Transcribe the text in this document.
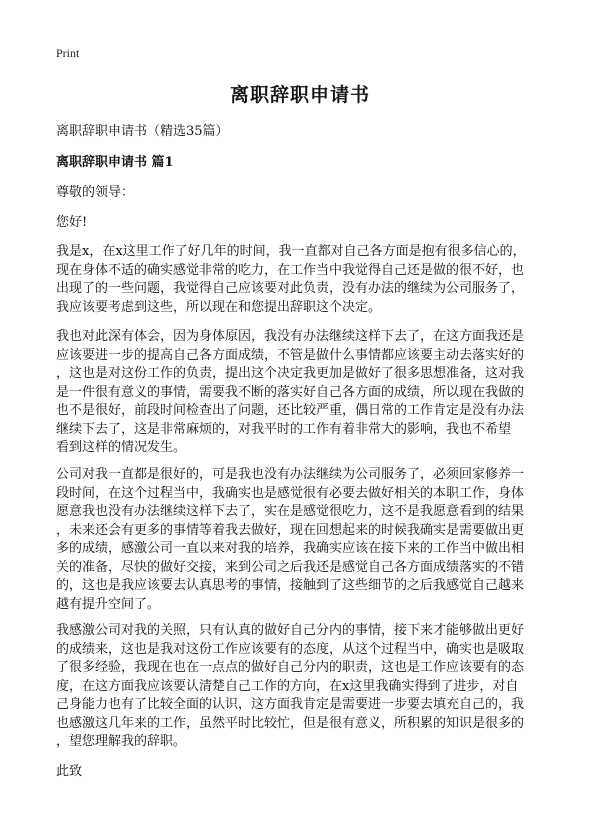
Print
离职辞职申请书
离职辞职申请书（精选35篇）
离职辞职申请书 篇1
尊敬的领导：
您好!
我是x，在x这里工作了好几年的时间，我一直都对自己各方面是抱有很多信心的，
现在身体不适的确实感觉非常的吃力，在工作当中我觉得自己还是做的很不好，也
出现了的一些问题，我觉得自己应该要对此负责，没有办法的继续为公司服务了，
我应该要考虑到这些，所以现在和您提出辞职这个决定。
我也对此深有体会，因为身体原因，我没有办法继续这样下去了，在这方面我还是
应该要进一步的提高自己各方面成绩，不管是做什么事情都应该要主动去落实好的
，这也是对这份工作的负责，提出这个决定我更加是做好了很多思想准备，这对我
是一件很有意义的事情，需要我不断的落实好自己各方面的成绩，所以现在我做的
也不是很好，前段时间检查出了问题，还比较严重，偶日常的工作肯定是没有办法
继续下去了，这是非常麻烦的，对我平时的工作有着非常大的影响，我也不希望
看到这样的情况发生。
公司对我一直都是很好的，可是我也没有办法继续为公司服务了，必须回家修养一
段时间，在这个过程当中，我确实也是感觉很有必要去做好相关的本职工作，身体
愿意我也没有办法继续这样下去了，实在是感觉很吃力，这不是我愿意看到的结果
，未来还会有更多的事情等着我去做好，现在回想起来的时候我确实是需要做出更
多的成绩，感激公司一直以来对我的培养，我确实应该在接下来的工作当中做出相
关的准备，尽快的做好交接，来到公司之后我还是感觉自己各方面成绩落实的不错
的，这也是我应该要去认真思考的事情，接触到了这些细节的之后我感觉自己越来
越有提升空间了。
我感激公司对我的关照，只有认真的做好自己分内的事情，接下来才能够做出更好
的成绩来，这也是我对这份工作应该要有的态度，从这个过程当中，确实也是吸取
了很多经验，我现在也在一点点的做好自己分内的职责，这也是工作应该要有的态
度，在这方面我应该要认清楚自己工作的方向，在x这里我确实得到了进步，对自
己身能力也有了比较全面的认识，这方面我肯定是需要进一步要去填充自己的，我
也感激这几年来的工作，虽然平时比较忙，但是很有意义，所积累的知识是很多的
，望您理解我的辞职。
此致
